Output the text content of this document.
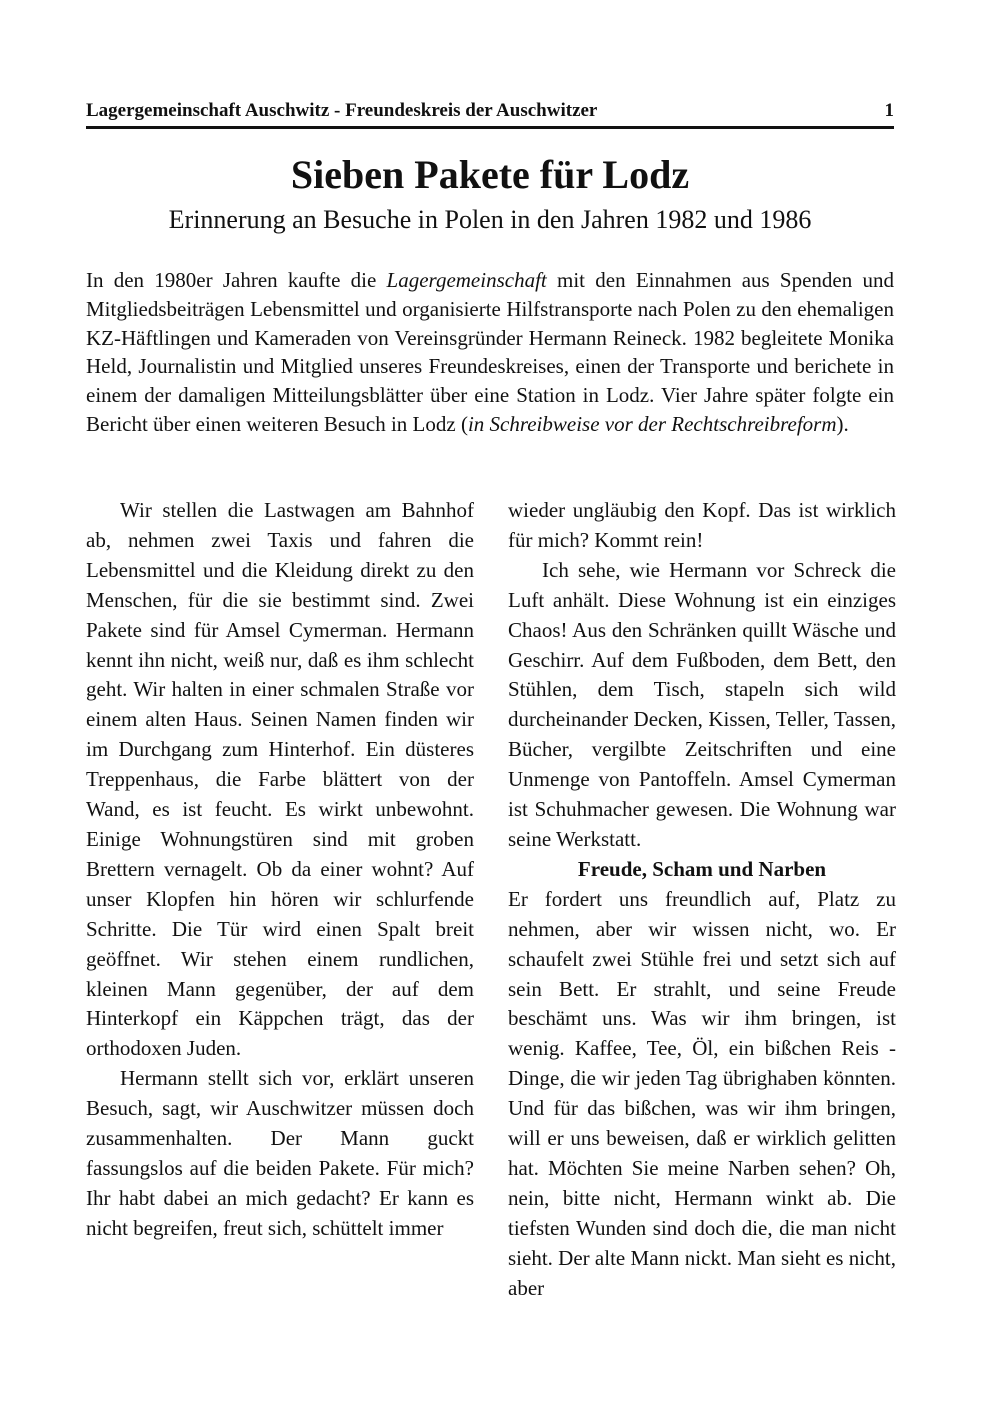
Lagergemeinschaft Auschwitz - Freundeskreis der Auschwitzer	1
Sieben Pakete für Lodz
Erinnerung an Besuche in Polen in den Jahren 1982 und 1986

In den 1980er Jahren kaufte die Lagergemeinschaft mit den Einnahmen aus Spenden und Mitgliedsbeiträgen Lebensmittel und organisierte Hilfstransporte nach Polen zu den ehemaligen KZ-Häftlingen und Kameraden von Vereinsgründer Hermann Reineck. 1982 begleitete Monika Held, Journalistin und Mitglied unseres Freundeskreises, einen der Transporte und berichete in einem der damaligen Mitteilungsblätter über eine Station in Lodz. Vier Jahre später folgte ein Bericht über einen weiteren Besuch in Lodz (in Schreibweise vor der Rechtschreibreform).

Wir stellen die Lastwagen am Bahnhof ab, nehmen zwei Taxis und fahren die Lebensmittel und die Kleidung direkt zu den Menschen, für die sie bestimmt sind. Zwei Pakete sind für Amsel Cymerman. Hermann kennt ihn nicht, weiß nur, daß es ihm schlecht geht. Wir halten in einer schmalen Straße vor einem alten Haus. Seinen Namen finden wir im Durchgang zum Hinterhof. Ein düsteres Treppenhaus, die Farbe blättert von der Wand, es ist feucht. Es wirkt unbewohnt. Einige Wohnungstüren sind mit groben Brettern vernagelt. Ob da einer wohnt? Auf unser Klopfen hin hören wir schlurfende Schritte. Die Tür wird einen Spalt breit geöffnet. Wir stehen einem rundlichen, kleinen Mann gegenüber, der auf dem Hinterkopf ein Käppchen trägt, das der orthodoxen Juden.

Hermann stellt sich vor, erklärt unseren Besuch, sagt, wir Auschwitzer müssen doch zusammenhalten. Der Mann guckt fassungslos auf die beiden Pakete. Für mich? Ihr habt dabei an mich gedacht? Er kann es nicht begreifen, freut sich, schüttelt immer

wieder ungläubig den Kopf. Das ist wirklich für mich? Kommt rein!

Ich sehe, wie Hermann vor Schreck die Luft anhält. Diese Wohnung ist ein einziges Chaos! Aus den Schränken quillt Wäsche und Geschirr. Auf dem Fußboden, dem Bett, den Stühlen, dem Tisch, stapeln sich wild durcheinander Decken, Kissen, Teller, Tassen, Bücher, vergilbte Zeitschriften und eine Unmenge von Pantoffeln. Amsel Cymerman ist Schuhmacher gewesen. Die Wohnung war seine Werkstatt.

Freude, Scham und Narben

Er fordert uns freundlich auf, Platz zu nehmen, aber wir wissen nicht, wo. Er schaufelt zwei Stühle frei und setzt sich auf sein Bett. Er strahlt, und seine Freude beschämt uns. Was wir ihm bringen, ist wenig. Kaffee, Tee, Öl, ein bißchen Reis - Dinge, die wir jeden Tag übrighaben könnten. Und für das bißchen, was wir ihm bringen, will er uns beweisen, daß er wirklich gelitten hat. Möchten Sie meine Narben sehen? Oh, nein, bitte nicht, Hermann winkt ab. Die tiefsten Wunden sind doch die, die man nicht sieht. Der alte Mann nickt. Man sieht es nicht, aber
